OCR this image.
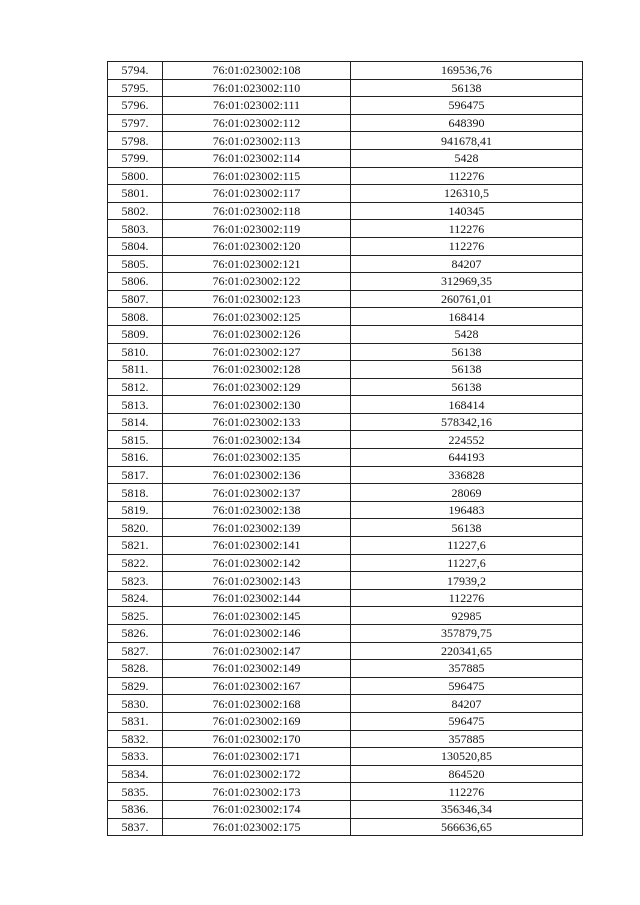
5794.	76:01:023002:108	169536,76
5795.	76:01:023002:110	56138
5796.	76:01:023002:111	596475
5797.	76:01:023002:112	648390
5798.	76:01:023002:113	941678,41
5799.	76:01:023002:114	5428
5800.	76:01:023002:115	112276
5801.	76:01:023002:117	126310,5
5802.	76:01:023002:118	140345
5803.	76:01:023002:119	112276
5804.	76:01:023002:120	112276
5805.	76:01:023002:121	84207
5806.	76:01:023002:122	312969,35
5807.	76:01:023002:123	260761,01
5808.	76:01:023002:125	168414
5809.	76:01:023002:126	5428
5810.	76:01:023002:127	56138
5811.	76:01:023002:128	56138
5812.	76:01:023002:129	56138
5813.	76:01:023002:130	168414
5814.	76:01:023002:133	578342,16
5815.	76:01:023002:134	224552
5816.	76:01:023002:135	644193
5817.	76:01:023002:136	336828
5818.	76:01:023002:137	28069
5819.	76:01:023002:138	196483
5820.	76:01:023002:139	56138
5821.	76:01:023002:141	11227,6
5822.	76:01:023002:142	11227,6
5823.	76:01:023002:143	17939,2
5824.	76:01:023002:144	112276
5825.	76:01:023002:145	92985
5826.	76:01:023002:146	357879,75
5827.	76:01:023002:147	220341,65
5828.	76:01:023002:149	357885
5829.	76:01:023002:167	596475
5830.	76:01:023002:168	84207
5831.	76:01:023002:169	596475
5832.	76:01:023002:170	357885
5833.	76:01:023002:171	130520,85
5834.	76:01:023002:172	864520
5835.	76:01:023002:173	112276
5836.	76:01:023002:174	356346,34
5837.	76:01:023002:175	566636,65
